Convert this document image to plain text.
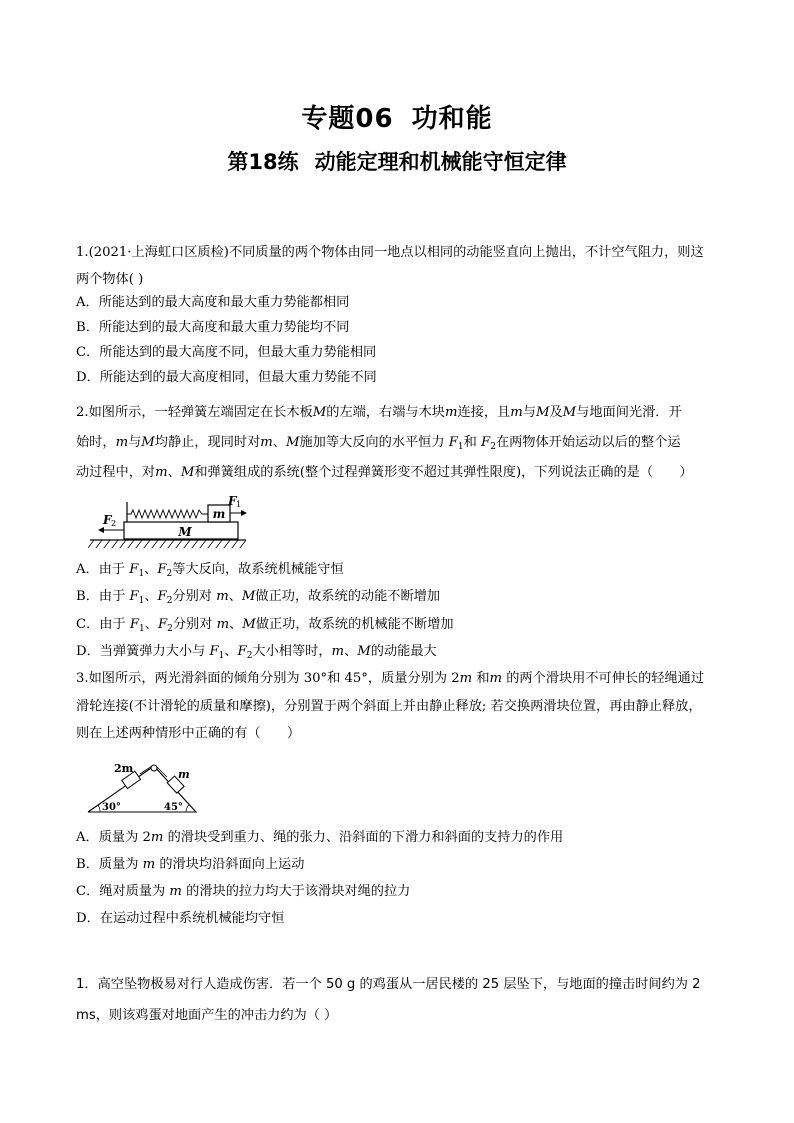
专题06 功和能
第18练 动能定理和机械能守恒定律
1.(2021·上海虹口区质检)不同质量的两个物体由同一地点以相同的动能竖直向上抛出，不计空气阻力，则这
两个物体( )
A．所能达到的最大高度和最大重力势能都相同
B．所能达到的最大高度和最大重力势能均不同
C．所能达到的最大高度不同，但最大重力势能相同
D．所能达到的最大高度相同，但最大重力势能不同
2.如图所示，一轻弹簧左端固定在长木板M的左端，右端与木块m连接，且m与M及M与地面间光滑．开
始时，m与M均静止，现同时对m、M施加等大反向的水平恒力 $F_1$和 $F_2$在两物体开始运动以后的整个运
动过程中，对m、M和弹簧组成的系统(整个过程弹簧形变不超过其弹性限度)，下列说法正确的是（　　）
m
M
F 1
F 2
A．由于 $F_1$、$F_2$等大反向，故系统机械能守恒
B．由于 $F_1$、$F_2$分别对 m、M做正功，故系统的动能不断增加
C．由于 $F_1$、$F_2$分别对 m、M做正功，故系统的机械能不断增加
D．当弹簧弹力大小与 $F_1$、$F_2$大小相等时，m、M的动能最大
3.如图所示，两光滑斜面的倾角分别为 30°和 45°，质量分别为 2m 和m 的两个滑块用不可伸长的轻绳通过
滑轮连接(不计滑轮的质量和摩擦)，分别置于两个斜面上并由静止释放; 若交换两滑块位置，再由静止释放，
则在上述两种情形中正确的有（　　）
2m	m
30°	45°
A．质量为 2m 的滑块受到重力、绳的张力、沿斜面的下滑力和斜面的支持力的作用
B．质量为 m 的滑块均沿斜面向上运动
C．绳对质量为 m 的滑块的拉力均大于该滑块对绳的拉力
D．在运动过程中系统机械能均守恒
1．高空坠物极易对行人造成伤害．若一个 50 g 的鸡蛋从一居民楼的 25 层坠下，与地面的撞击时间约为 2
ms，则该鸡蛋对地面产生的冲击力约为（ ）
